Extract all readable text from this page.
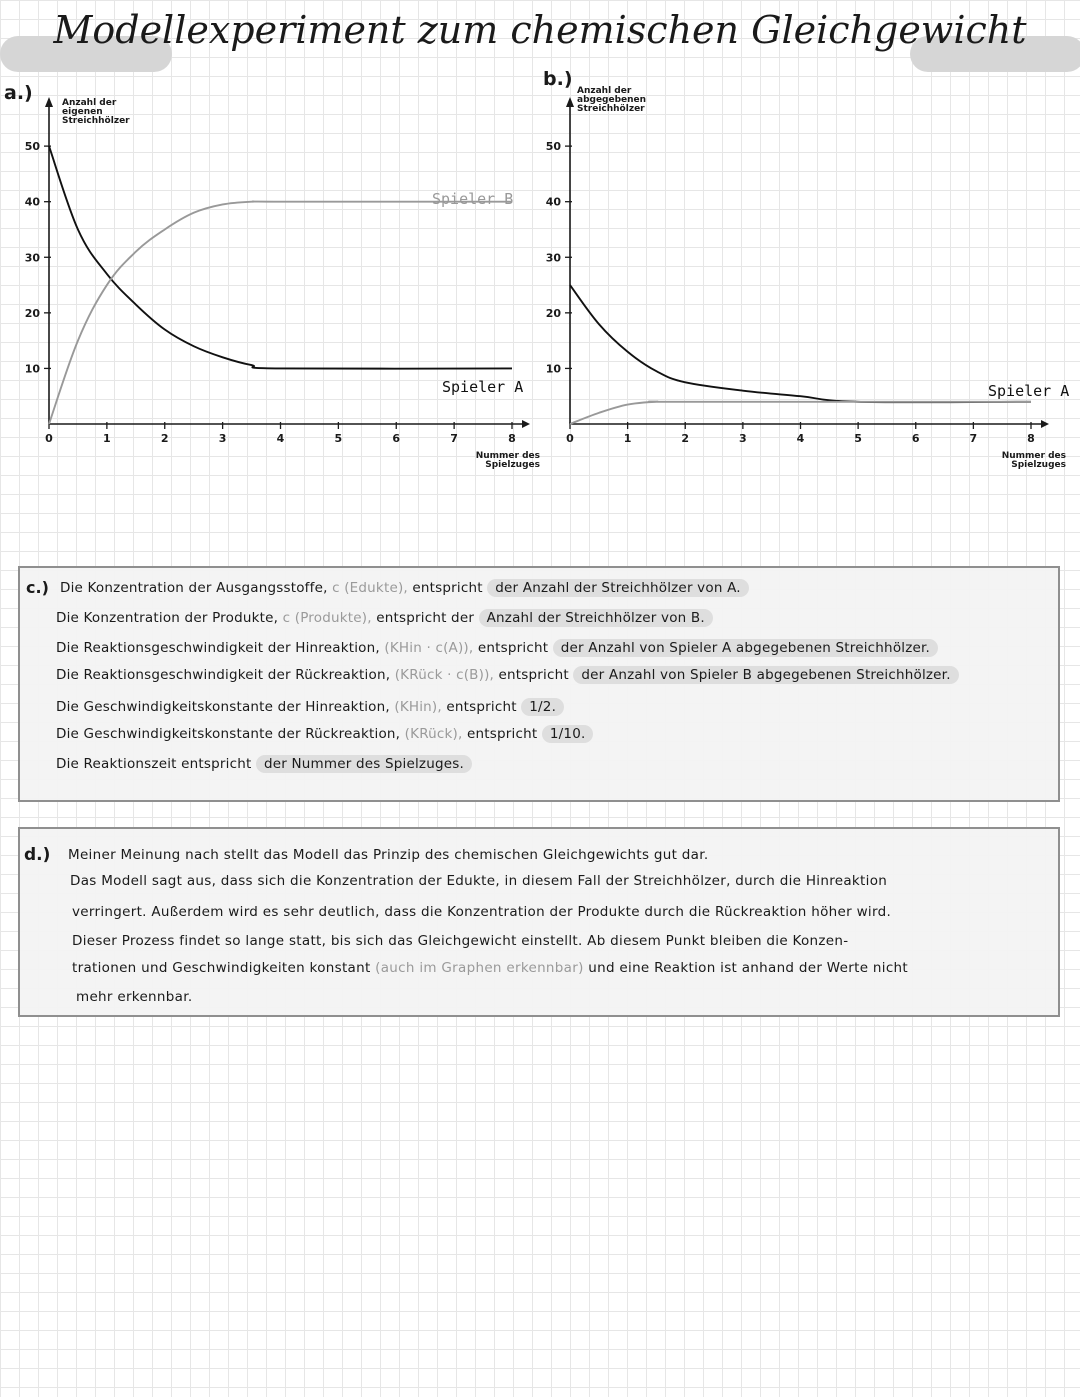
Modellexperiment zum chemischen Gleichgewicht
a.)
b.)
50
40
30
20
10
0	1	2	3	4	5	6	7	8
Anzahl der
eigenen
Streichhölzer
Nummer des
Spielzuges
Spieler A
Spieler B
50
40
30
20
10
0	1	2	3	4	5	6	7	8
Anzahl der
abgegebenen
Streichhölzer
Nummer des
Spielzuges
Spieler A
c.) Die Konzentration der Ausgangsstoffe, c (Edukte), entspricht der Anzahl der Streichhölzer von A.
Die Konzentration der Produkte, c (Produkte), entspricht der Anzahl der Streichhölzer von B.
Die Reaktionsgeschwindigkeit der Hinreaktion, (KHin · c(A)), entspricht der Anzahl von Spieler A abgegebenen Streichhölzer.
Die Reaktionsgeschwindigkeit der Rückreaktion, (KRück · c(B)), entspricht der Anzahl von Spieler B abgegebenen Streichhölzer.
Die Geschwindigkeitskonstante der Hinreaktion, (KHin), entspricht 1/2.
Die Geschwindigkeitskonstante der Rückreaktion, (KRück), entspricht 1/10.
Die Reaktionszeit entspricht der Nummer des Spielzuges.
d.) Meiner Meinung nach stellt das Modell das Prinzip des chemischen Gleichgewichts gut dar.
Das Modell sagt aus, dass sich die Konzentration der Edukte, in diesem Fall der Streichhölzer, durch die Hinreaktion
verringert. Außerdem wird es sehr deutlich, dass die Konzentration der Produkte durch die Rückreaktion höher wird.
Dieser Prozess findet so lange statt, bis sich das Gleichgewicht einstellt. Ab diesem Punkt bleiben die Konzen-
trationen und Geschwindigkeiten konstant (auch im Graphen erkennbar) und eine Reaktion ist anhand der Werte nicht
mehr erkennbar.
